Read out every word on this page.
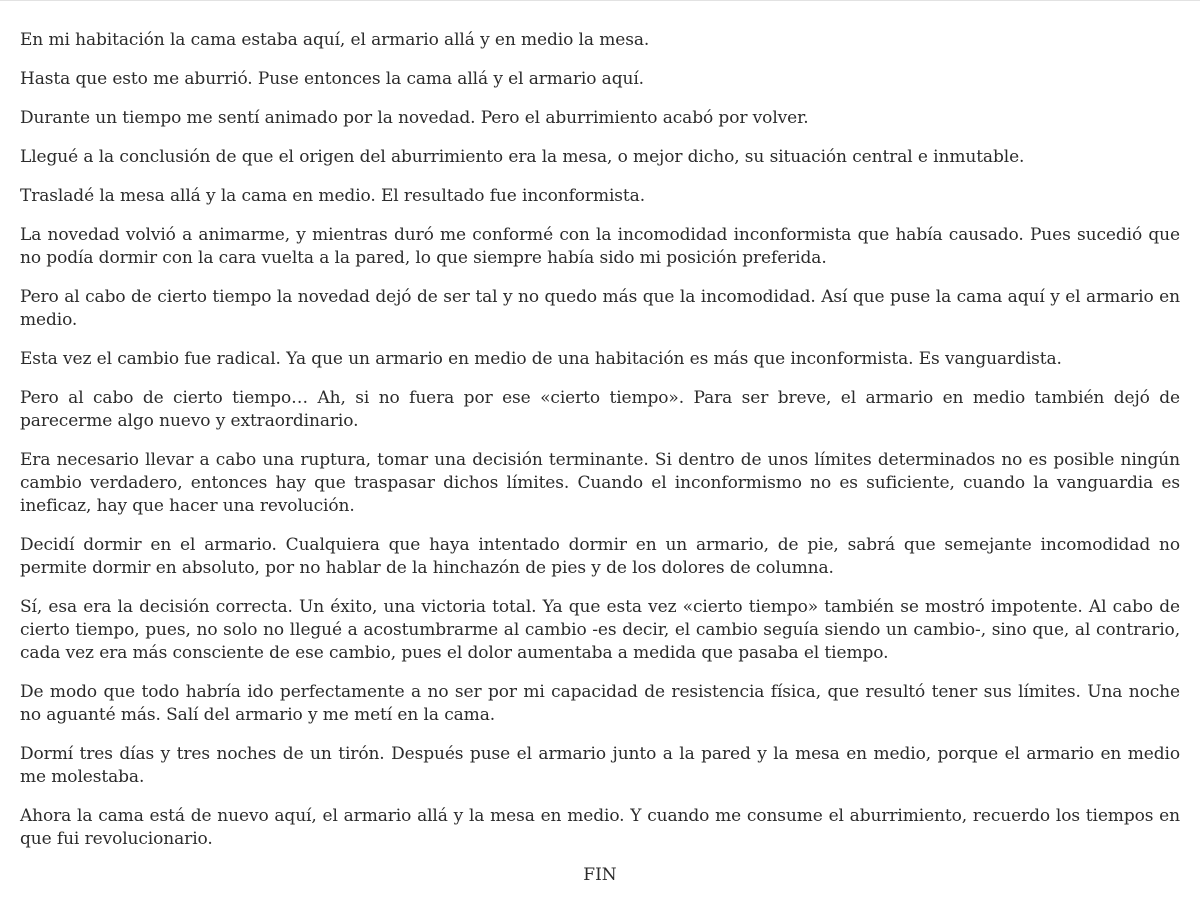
En mi habitación la cama estaba aquí, el armario allá y en medio la mesa.

Hasta que esto me aburrió. Puse entonces la cama allá y el armario aquí.

Durante un tiempo me sentí animado por la novedad. Pero el aburrimiento acabó por volver.

Llegué a la conclusión de que el origen del aburrimiento era la mesa, o mejor dicho, su situación central e inmutable.

Trasladé la mesa allá y la cama en medio. El resultado fue inconformista.

La novedad volvió a animarme, y mientras duró me conformé con la incomodidad inconformista que había causado. Pues sucedió que no podía dormir con la cara vuelta a la pared, lo que siempre había sido mi posición preferida.

Pero al cabo de cierto tiempo la novedad dejó de ser tal y no quedo más que la incomodidad. Así que puse la cama aquí y el armario en medio.

Esta vez el cambio fue radical. Ya que un armario en medio de una habitación es más que inconformista. Es vanguardista.

Pero al cabo de cierto tiempo… Ah, si no fuera por ese «cierto tiempo». Para ser breve, el armario en medio también dejó de parecerme algo nuevo y extraordinario.

Era necesario llevar a cabo una ruptura, tomar una decisión terminante. Si dentro de unos límites determinados no es posible ningún cambio verdadero, entonces hay que traspasar dichos límites. Cuando el inconformismo no es suficiente, cuando la vanguardia es ineficaz, hay que hacer una revolución.

Decidí dormir en el armario. Cualquiera que haya intentado dormir en un armario, de pie, sabrá que semejante incomodidad no permite dormir en absoluto, por no hablar de la hinchazón de pies y de los dolores de columna.

Sí, esa era la decisión correcta. Un éxito, una victoria total. Ya que esta vez «cierto tiempo» también se mostró impotente. Al cabo de cierto tiempo, pues, no solo no llegué a acostumbrarme al cambio -es decir, el cambio seguía siendo un cambio-, sino que, al contrario, cada vez era más consciente de ese cambio, pues el dolor aumentaba a medida que pasaba el tiempo.

De modo que todo habría ido perfectamente a no ser por mi capacidad de resistencia física, que resultó tener sus límites. Una noche no aguanté más. Salí del armario y me metí en la cama.

Dormí tres días y tres noches de un tirón. Después puse el armario junto a la pared y la mesa en medio, porque el armario en medio me molestaba.

Ahora la cama está de nuevo aquí, el armario allá y la mesa en medio. Y cuando me consume el aburrimiento, recuerdo los tiempos en que fui revolucionario.

FIN
